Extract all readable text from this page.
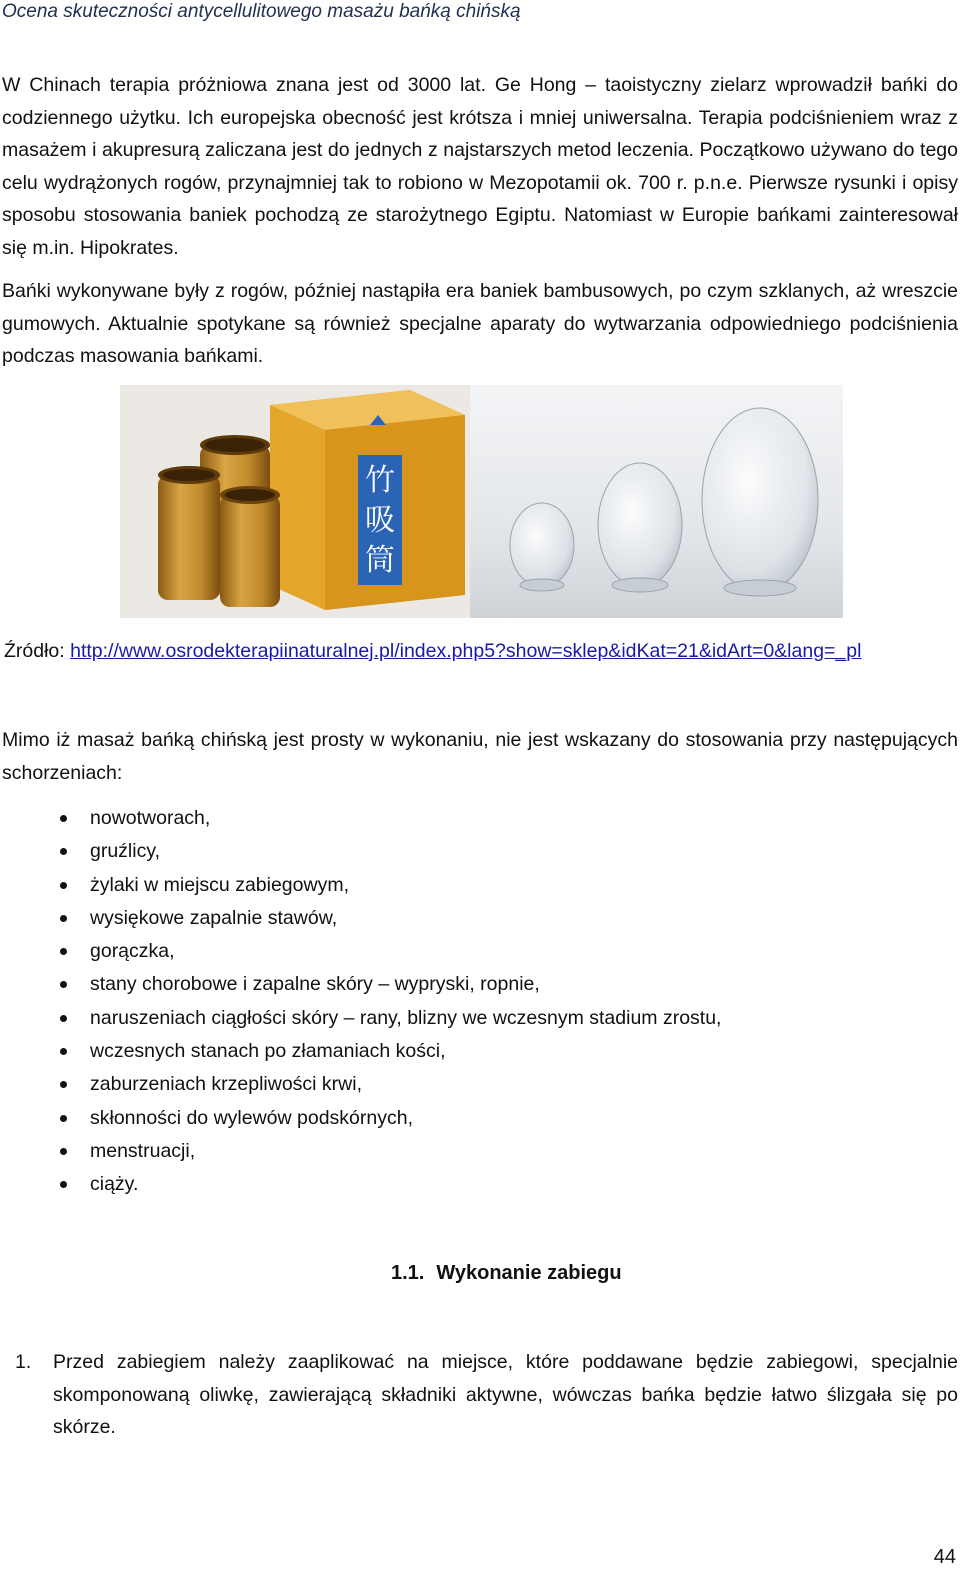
Ocena skuteczności antycellulitowego masażu bańką chińską

W Chinach terapia próżniowa znana jest od 3000 lat. Ge Hong – taoistyczny zielarz wprowadził bańki do codziennego użytku. Ich europejska obecność jest krótsza i mniej uniwersalna. Terapia podciśnieniem wraz z masażem i akupresurą zaliczana jest do jednych z najstarszych metod leczenia. Początkowo używano do tego celu wydrążonych rogów, przynajmniej tak to robiono w Mezopotamii ok. 700 r. p.n.e. Pierwsze rysunki i opisy sposobu stosowania baniek pochodzą ze starożytnego Egiptu. Natomiast w Europie bańkami zainteresował się m.in. Hipokrates.

Bańki wykonywane były z rogów, później nastąpiła era baniek bambusowych, po czym szklanych, aż wreszcie gumowych. Aktualnie spotykane są również specjalne aparaty do wytwarzania odpowiedniego podciśnienia podczas masowania bańkami.

竹
吸
筒
Źródło: http://www.osrodekterapiinaturalnej.pl/index.php5?show=sklep&idKat=21&idArt=0&lang=_pl

Mimo iż masaż bańką chińską jest prosty w wykonaniu, nie jest wskazany do stosowania przy następujących schorzeniach:

nowotworach,
gruźlicy,
żylaki w miejscu zabiegowym,
wysiękowe zapalnie stawów,
gorączka,
stany chorobowe i zapalne skóry – wypryski, ropnie,
naruszeniach ciągłości skóry – rany, blizny we wczesnym stadium zrostu,
wczesnych stanach po złamaniach kości,
zaburzeniach krzepliwości krwi,
skłonności do wylewów podskórnych,
menstruacji,
ciąży.
1.1. Wykonanie zabiegu
1. Przed zabiegiem należy zaaplikować na miejsce, które poddawane będzie zabiegowi, specjalnie skomponowaną oliwkę, zawierającą składniki aktywne, wówczas bańka będzie łatwo ślizgała się po skórze.
44
